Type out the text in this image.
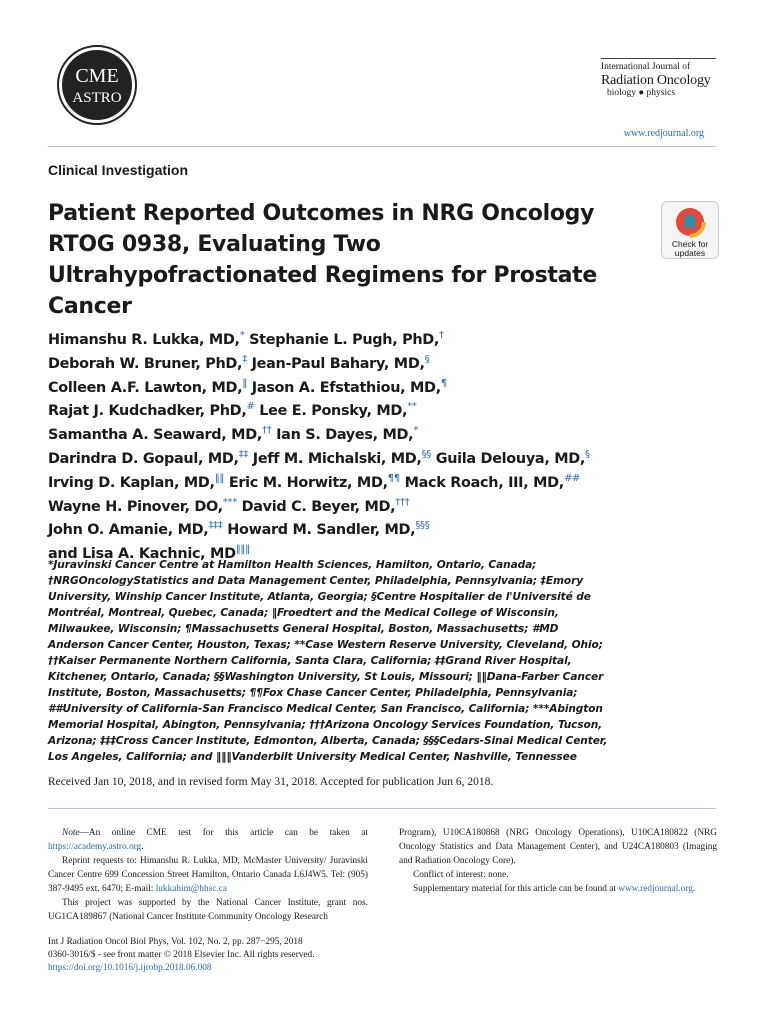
CME
ASTRO
International Journal of
Radiation Oncology
biology ● physics
www.redjournal.org
Clinical Investigation
Patient Reported Outcomes in NRG Oncology RTOG 0938, Evaluating Two Ultrahypofractionated Regimens for Prostate Cancer
Check for
updates
Himanshu R. Lukka, MD,* Stephanie L. Pugh, PhD,†
Deborah W. Bruner, PhD,‡ Jean-Paul Bahary, MD,§
Colleen A.F. Lawton, MD,‖ Jason A. Efstathiou, MD,¶
Rajat J. Kudchadker, PhD,# Lee E. Ponsky, MD,**
Samantha A. Seaward, MD,†† Ian S. Dayes, MD,*
Darindra D. Gopaul, MD,‡‡ Jeff M. Michalski, MD,§§ Guila Delouya, MD,§
Irving D. Kaplan, MD,‖‖ Eric M. Horwitz, MD,¶¶ Mack Roach, III, MD,##
Wayne H. Pinover, DO,*** David C. Beyer, MD,†††
John O. Amanie, MD,‡‡‡ Howard M. Sandler, MD,§§§
and Lisa A. Kachnic, MD‖‖‖
*Juravinski Cancer Centre at Hamilton Health Sciences, Hamilton, Ontario, Canada; †NRGOncologyStatistics and Data Management Center, Philadelphia, Pennsylvania; ‡Emory University, Winship Cancer Institute, Atlanta, Georgia; §Centre Hospitalier de l'Université de Montréal, Montreal, Quebec, Canada; ‖Froedtert and the Medical College of Wisconsin, Milwaukee, Wisconsin; ¶Massachusetts General Hospital, Boston, Massachusetts; #MD Anderson Cancer Center, Houston, Texas; **Case Western Reserve University, Cleveland, Ohio; ††Kaiser Permanente Northern California, Santa Clara, California; ‡‡Grand River Hospital, Kitchener, Ontario, Canada; §§Washington University, St Louis, Missouri; ‖‖Dana-Farber Cancer Institute, Boston, Massachusetts; ¶¶Fox Chase Cancer Center, Philadelphia, Pennsylvania; ##University of California-San Francisco Medical Center, San Francisco, California; ***Abington Memorial Hospital, Abington, Pennsylvania; †††Arizona Oncology Services Foundation, Tucson, Arizona; ‡‡‡Cross Cancer Institute, Edmonton, Alberta, Canada; §§§Cedars-Sinai Medical Center, Los Angeles, California; and ‖‖‖Vanderbilt University Medical Center, Nashville, Tennessee
Received Jan 10, 2018, and in revised form May 31, 2018. Accepted for publication Jun 6, 2018.
Note—An online CME test for this article can be taken at https://academy.astro.org.
Reprint requests to: Himanshu R. Lukka, MD, McMaster University/ Juravinski Cancer Centre 699 Concession Street Hamilton, Ontario Canada L6J4W5. Tel: (905) 387-9495 ext. 6470; E-mail: lukkahim@hhsc.ca
This project was supported by the National Cancer Institute, grant nos. UG1CA189867 (National Cancer Institute Community Oncology Research
Program), U10CA180868 (NRG Oncology Operations), U10CA180822 (NRG Oncology Statistics and Data Management Center), and U24CA180803 (Imaging and Radiation Oncology Core).
Conflict of interest: none.
Supplementary material for this article can be found at www.redjournal.org.
Int J Radiation Oncol Biol Phys, Vol. 102, No. 2, pp. 287−295, 2018
0360-3016/$ - see front matter © 2018 Elsevier Inc. All rights reserved.
https://doi.org/10.1016/j.ijrobp.2018.06.008
